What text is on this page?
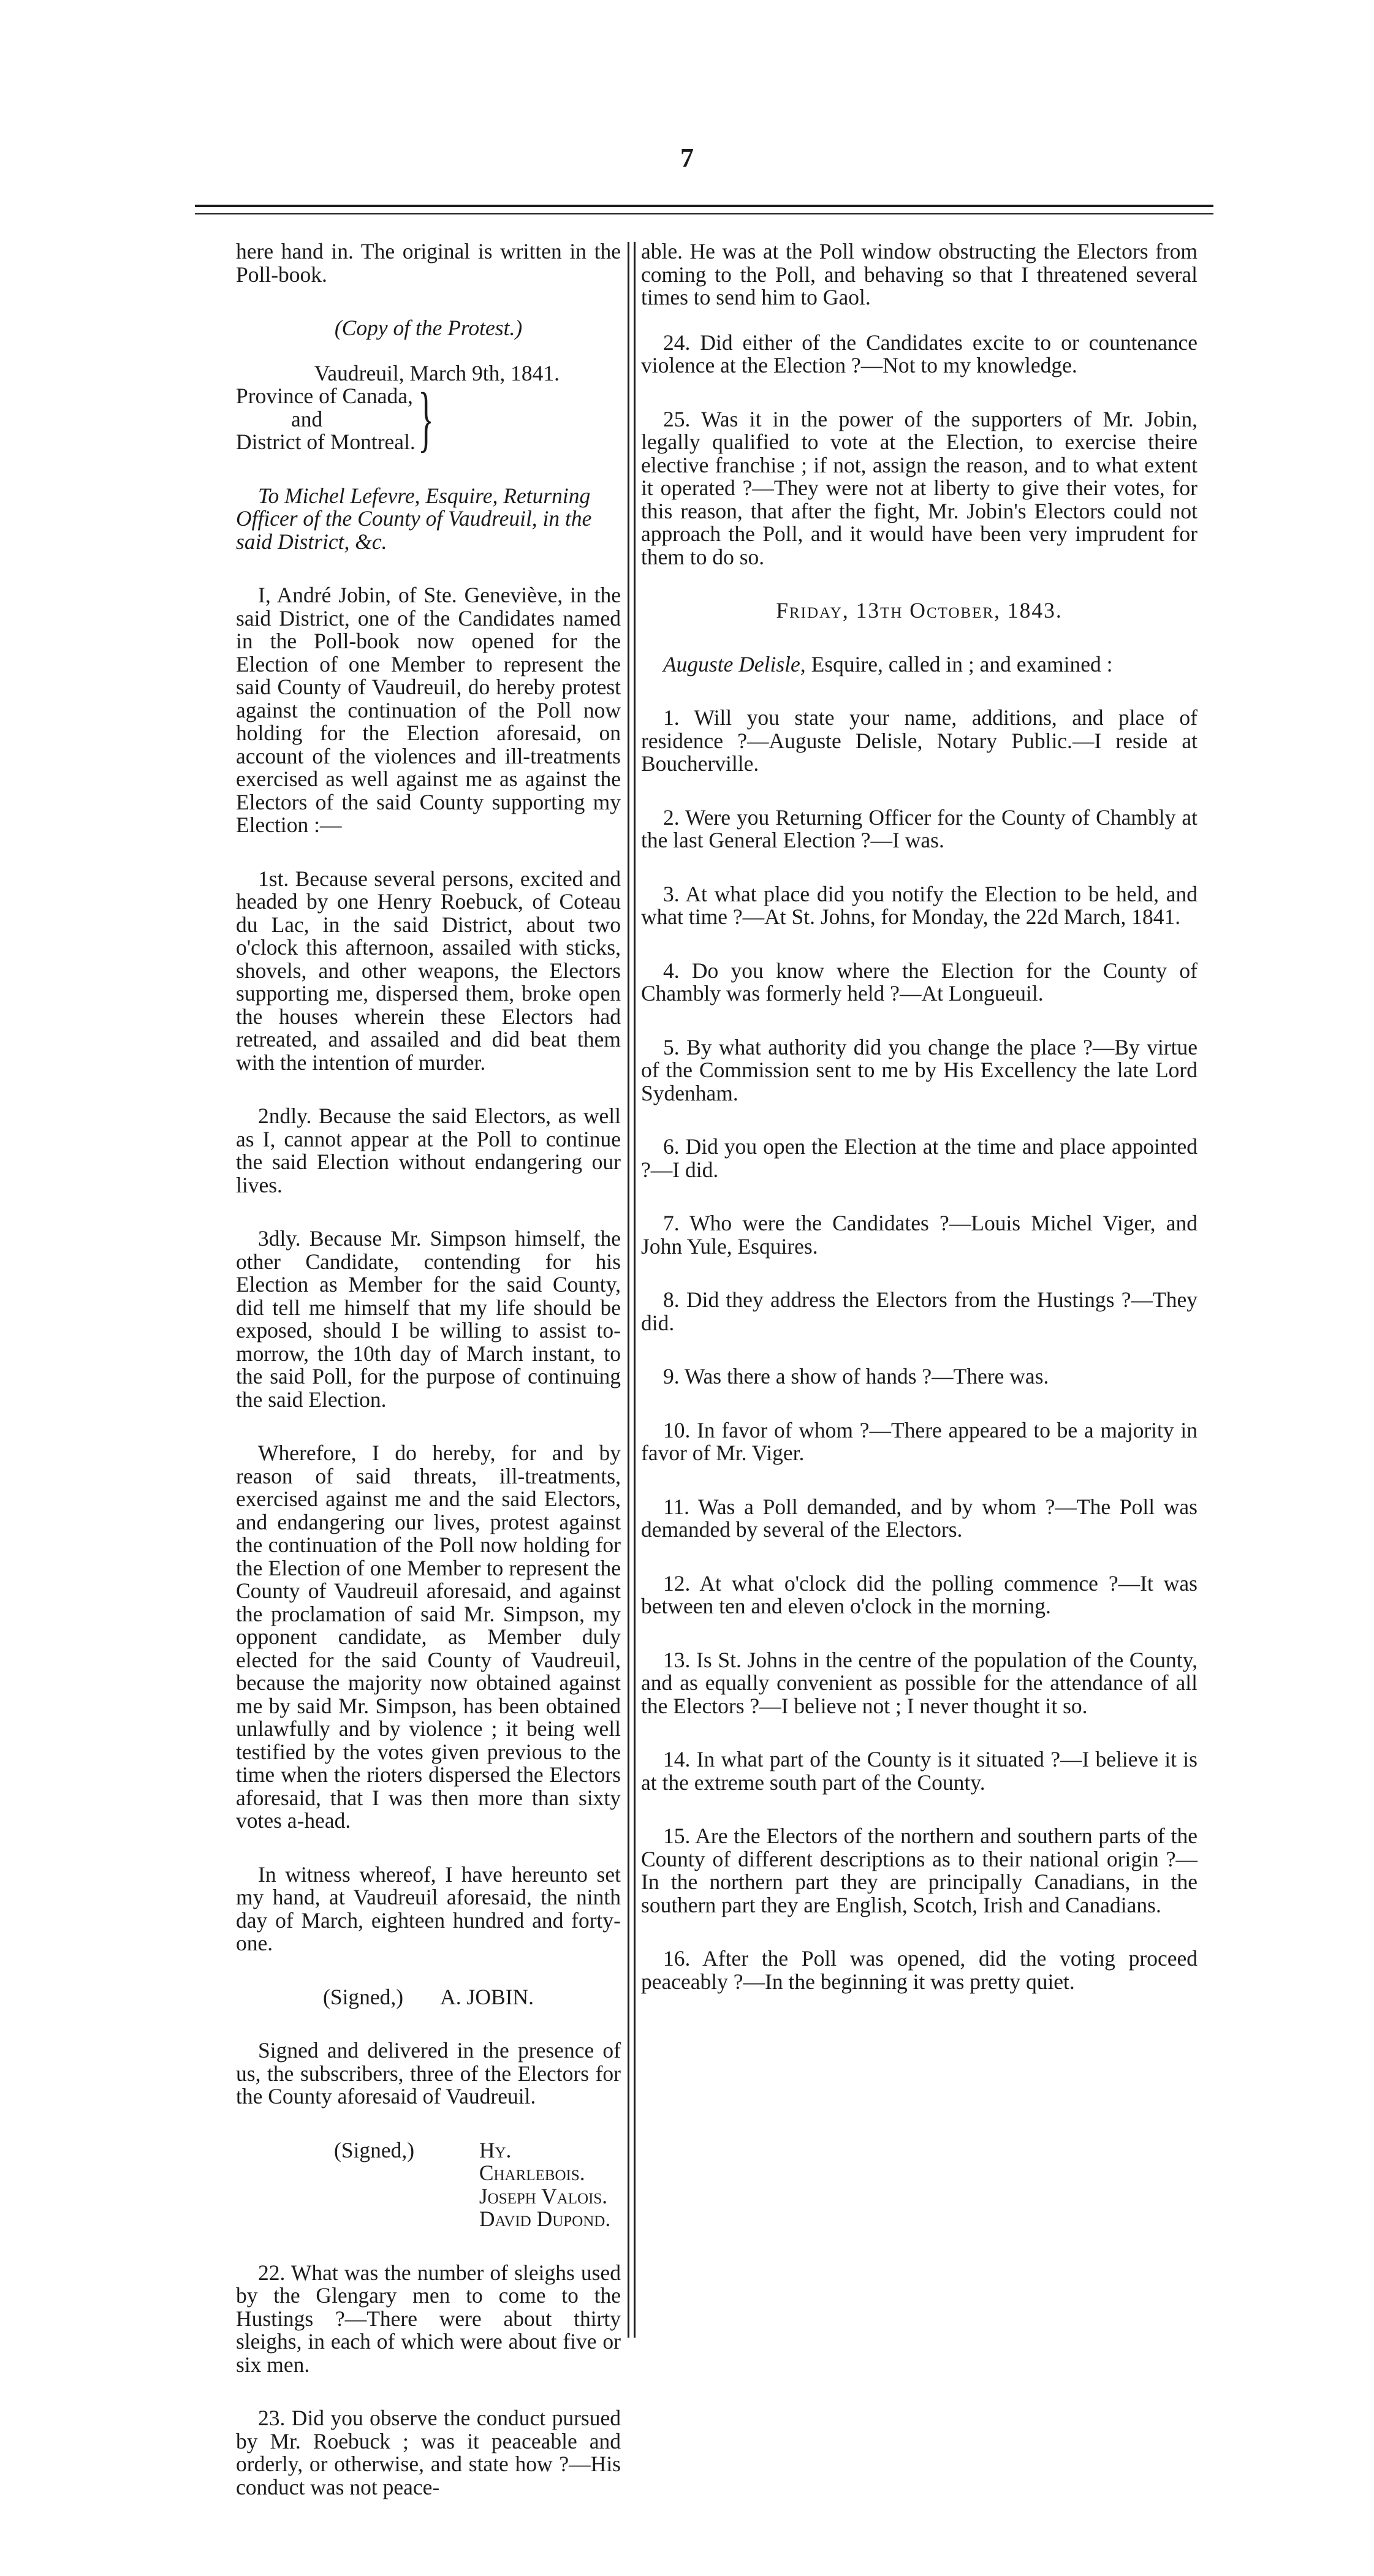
7

here hand in. The original is written in the Poll-book.

(Copy of the Protest.)

Vaudreuil, March 9th, 1841.

Province of Canada,
and
District of Montreal. }

To Michel Lefevre, Esquire, Returning Officer of the County of Vaudreuil, in the said District, &c.

I, André Jobin, of Ste. Geneviève, in the said District, one of the Candidates named in the Poll-book now opened for the Election of one Member to represent the said County of Vaudreuil, do hereby protest against the continuation of the Poll now holding for the Election aforesaid, on account of the violences and ill-treatments exercised as well against me as against the Electors of the said County supporting my Election :—

1st. Because several persons, excited and headed by one Henry Roebuck, of Coteau du Lac, in the said District, about two o'clock this afternoon, assailed with sticks, shovels, and other weapons, the Electors supporting me, dispersed them, broke open the houses wherein these Electors had retreated, and assailed and did beat them with the intention of murder.

2ndly. Because the said Electors, as well as I, cannot appear at the Poll to continue the said Election without endangering our lives.

3dly. Because Mr. Simpson himself, the other Candidate, contending for his Election as Member for the said County, did tell me himself that my life should be exposed, should I be willing to assist to-morrow, the 10th day of March instant, to the said Poll, for the purpose of continuing the said Election.

Wherefore, I do hereby, for and by reason of said threats, ill-treatments, exercised against me and the said Electors, and endangering our lives, protest against the continuation of the Poll now holding for the Election of one Member to represent the County of Vaudreuil aforesaid, and against the proclamation of said Mr. Simpson, my opponent candidate, as Member duly elected for the said County of Vaudreuil, because the majority now obtained against me by said Mr. Simpson, has been obtained unlawfully and by violence ; it being well testified by the votes given previous to the time when the rioters dispersed the Electors aforesaid, that I was then more than sixty votes a-head.

In witness whereof, I have hereunto set my hand, at Vaudreuil aforesaid, the ninth day of March, eighteen hundred and forty-one.

(Signed,) A. JOBIN.

Signed and delivered in the presence of us, the subscribers, three of the Electors for the County aforesaid of Vaudreuil.

(Signed,)	Hy. Charlebois.
Joseph Valois.
David Dupond.

22. What was the number of sleighs used by the Glengary men to come to the Hustings ?—There were about thirty sleighs, in each of which were about five or six men.

23. Did you observe the conduct pursued by Mr. Roebuck ; was it peaceable and orderly, or otherwise, and state how ?—His conduct was not peace-

able. He was at the Poll window obstructing the Electors from coming to the Poll, and behaving so that I threatened several times to send him to Gaol.

24. Did either of the Candidates excite to or countenance violence at the Election ?—Not to my knowledge.

25. Was it in the power of the supporters of Mr. Jobin, legally qualified to vote at the Election, to exercise theire elective franchise ; if not, assign the reason, and to what extent it operated ?—They were not at liberty to give their votes, for this reason, that after the fight, Mr. Jobin's Electors could not approach the Poll, and it would have been very imprudent for them to do so.

Friday, 13th October, 1843.

Auguste Delisle, Esquire, called in ; and examined :

1. Will you state your name, additions, and place of residence ?—Auguste Delisle, Notary Public.—I reside at Boucherville.

2. Were you Returning Officer for the County of Chambly at the last General Election ?—I was.

3. At what place did you notify the Election to be held, and what time ?—At St. Johns, for Monday, the 22d March, 1841.

4. Do you know where the Election for the County of Chambly was formerly held ?—At Longueuil.

5. By what authority did you change the place ?—By virtue of the Commission sent to me by His Excellency the late Lord Sydenham.

6. Did you open the Election at the time and place appointed ?—I did.

7. Who were the Candidates ?—Louis Michel Viger, and John Yule, Esquires.

8. Did they address the Electors from the Hustings ?—They did.

9. Was there a show of hands ?—There was.

10. In favor of whom ?—There appeared to be a majority in favor of Mr. Viger.

11. Was a Poll demanded, and by whom ?—The Poll was demanded by several of the Electors.

12. At what o'clock did the polling commence ?—It was between ten and eleven o'clock in the morning.

13. Is St. Johns in the centre of the population of the County, and as equally convenient as possible for the attendance of all the Electors ?—I believe not ; I never thought it so.

14. In what part of the County is it situated ?—I believe it is at the extreme south part of the County.

15. Are the Electors of the northern and southern parts of the County of different descriptions as to their national origin ?—In the northern part they are principally Canadians, in the southern part they are English, Scotch, Irish and Canadians.

16. After the Poll was opened, did the voting proceed peaceably ?—In the beginning it was pretty quiet.
